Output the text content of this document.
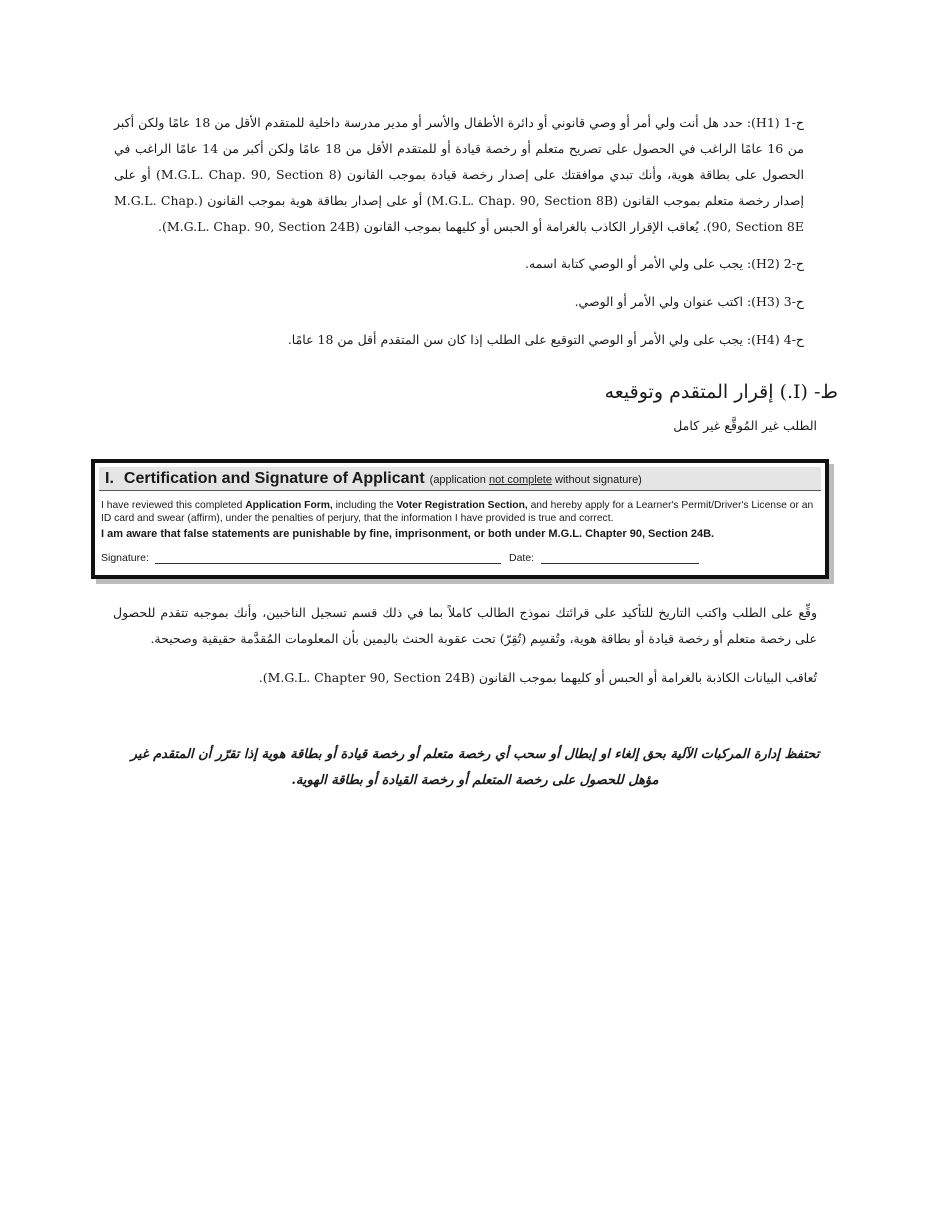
ح-1 (H1): حدد هل أنت ولي أمر أو وصي قانوني أو دائرة الأطفال والأسر أو مدير مدرسة داخلية للمتقدم الأقل من 18 عامًا ولكن أكبر من 16 عامًا الراغب في الحصول على تصريح متعلم أو رخصة قيادة أو للمتقدم الأقل من 18 عامًا ولكن أكبر من 14 عامًا الراغب في الحصول على بطاقة هوية، وأنك تبدي موافقتك على إصدار رخصة قيادة بموجب القانون (M.G.L. Chap. 90, Section 8) أو على إصدار رخصة متعلم بموجب القانون (M.G.L. Chap. 90, Section 8B) أو على إصدار بطاقة هوية بموجب القانون (M.G.L. Chap. 90, Section 8E). يُعاقب الإقرار الكاذب بالغرامة أو الحبس أو كليهما بموجب القانون (M.G.L. Chap. 90, Section 24B).
ح-2 (H2): يجب على ولي الأمر أو الوصي كتابة اسمه.
ح-3 (H3): اكتب عنوان ولي الأمر أو الوصي.
ح-4 (H4): يجب على ولي الأمر أو الوصي التوقيع على الطلب إذا كان سن المتقدم أقل من 18 عامًا.
ط- (I.) إقرار المتقدم وتوقيعه
الطلب غير المُوقَّع غير كامل
I. Certification and Signature of Applicant (application not complete without signature)
I have reviewed this completed Application Form, including the Voter Registration Section, and hereby apply for a Learner's Permit/Driver's License or an ID card and swear (affirm), under the penalties of perjury, that the information I have provided is true and correct.
I am aware that false statements are punishable by fine, imprisonment, or both under M.G.L. Chapter 90, Section 24B.
Signature:	Date:
وقِّع على الطلب واكتب التاريخ للتأكيد على قرائتك نموذج الطالب كاملاً بما في ذلك قسم تسجيل الناخبين، وأنك بموجبه تتقدم للحصول على رخصة متعلم أو رخصة قيادة أو بطاقة هوية، وتُقسِم (تُقِرّ) تحت عقوبة الحنث باليمين بأن المعلومات المُقدَّمة حقيقية وصحيحة.
تُعاقب البيانات الكاذبة بالغرامة أو الحبس أو كليهما بموجب القانون (M.G.L. Chapter 90, Section 24B).
تحتفظ إدارة المركبات الآلية بحق إلغاء او إبطال أو سحب أي رخصة متعلم أو رخصة قيادة أو بطاقة هوية إذا تقرّر أن المتقدم غير مؤهل للحصول على رخصة المتعلم أو رخصة القيادة أو بطاقة الهوية.
